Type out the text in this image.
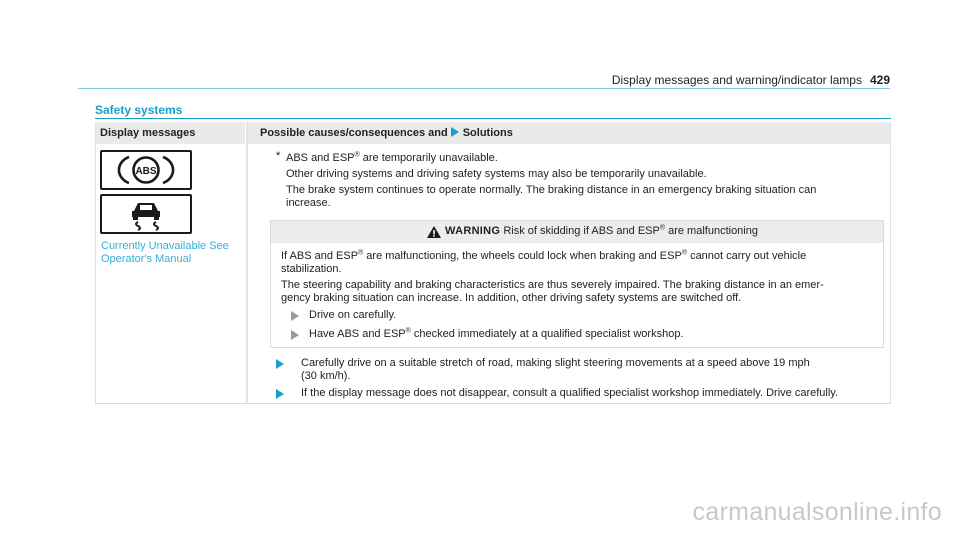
Display messages and warning/indicator lamps 429
Safety systems
Display messages	Possible causes/consequences and Solutions
ABS
Currently Unavailable See
Operator's Manual
* ABS and ESP® are temporarily unavailable.
Other driving systems and driving safety systems may also be temporarily unavailable.
The brake system continues to operate normally. The braking distance in an emergency braking situation can
increase.
WARNING Risk of skidding if ABS and ESP® are malfunctioning
If ABS and ESP® are malfunctioning, the wheels could lock when braking and ESP® cannot carry out vehicle
stabilization.
The steering capability and braking characteristics are thus severely impaired. The braking distance in an emer-
gency braking situation can increase. In addition, other driving safety systems are switched off.
Drive on carefully.
Have ABS and ESP® checked immediately at a qualified specialist workshop.
Carefully drive on a suitable stretch of road, making slight steering movements at a speed above 19 mph
(30 km/h).
If the display message does not disappear, consult a qualified specialist workshop immediately. Drive carefully.
carmanualsonline.info
